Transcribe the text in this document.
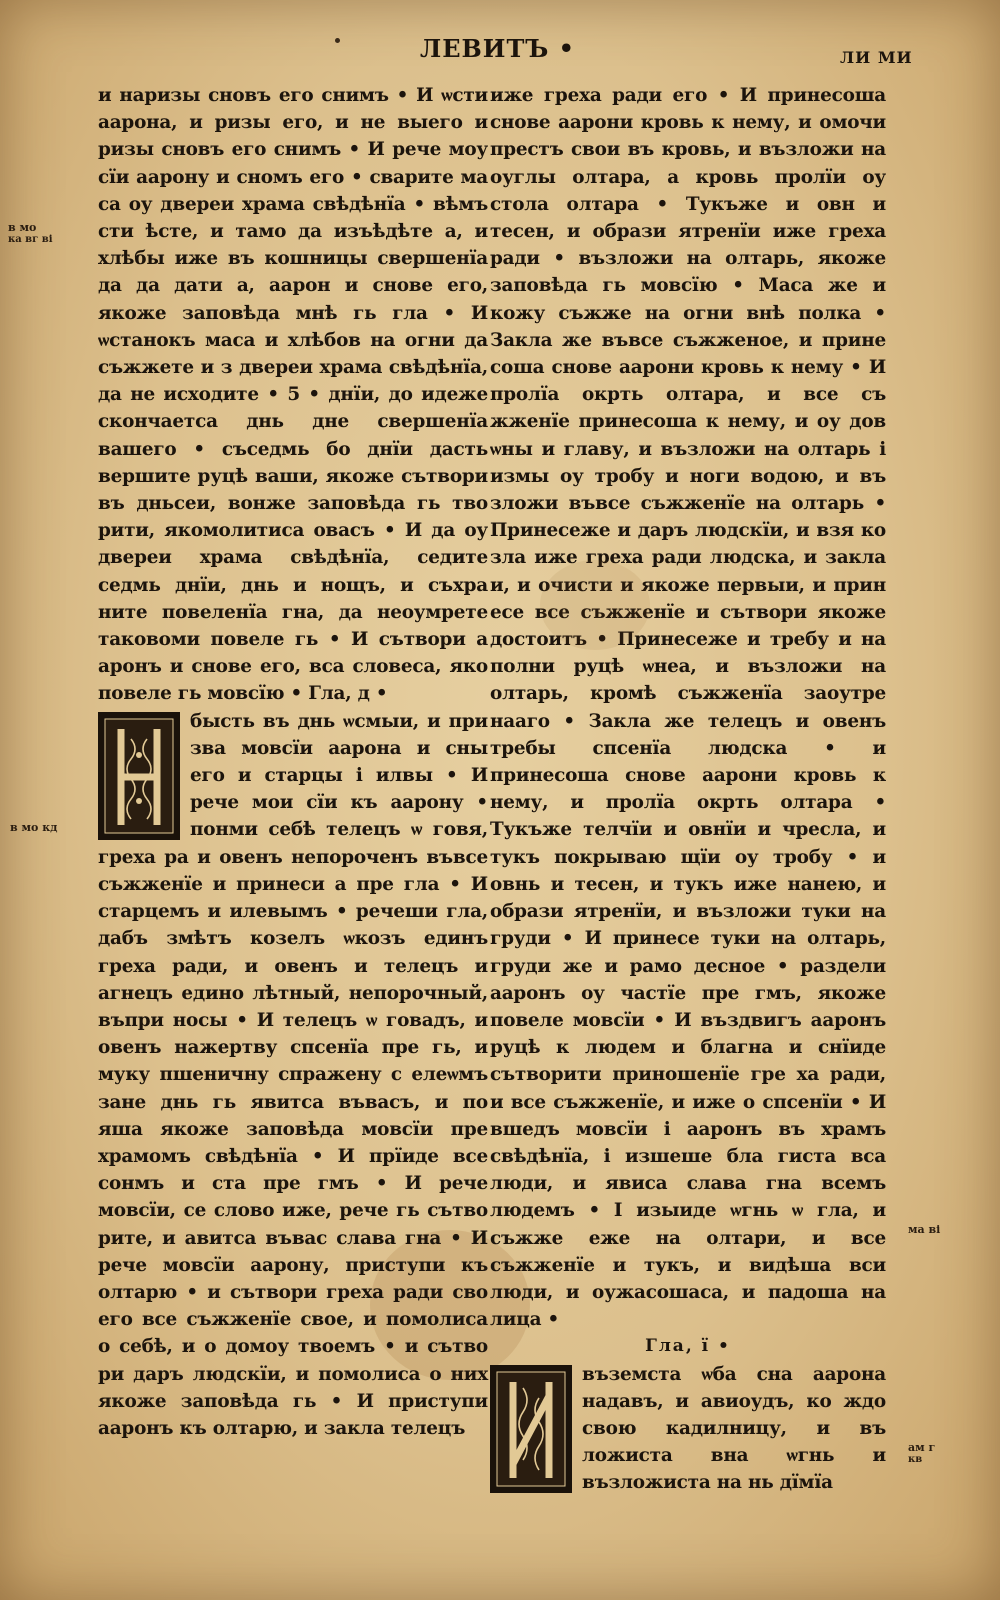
ЛЕВИТЪ •	ЛИ МИ
в мо
ка вг ві
в мо кд
ма ві
ам г
кв

и наризы сновъ его снимъ • И ѡсти аарона, и ризы его, и не выего и ризы сновъ его снимъ • И рече моу сїи аарону и сномъ его • сварите ма са оу двереи храма свѣдѣнїа • вѣмъ сти ѣсте, и тамо да изъѣдѣте а, и хлѣбы иже въ кошницы свершенїа да да дати а, аарон и снове его, якоже заповѣда мнѣ гь гла • И ѡстанокъ маса и хлѣбов на огни да съжжете и з двереи храма свѣдѣнїа, да не исходите • 5 • днїи, до идеже скончаетса днь дне свершенїа вашего • съседмь бо днїи дасть вершите руцѣ ваши, якоже сътвори въ дньсеи, вонже заповѣда гь тво рити, якомолитиса овасъ • И да оу двереи храма свѣдѣнїа, седите седмь днїи, днь и нощъ, и съхра ните повеленїа гна, да неоумрете таковоми повеле гь • И сътвори а аронъ и снове его, вса словеса, яко повеле гь мовсїю • Гла, д •

бысть въ днь ѡсмыи, и при зва мовсїи аарона и сны его и старцы і илвы • И рече мои сїи къ аарону • понми себѣ телецъ ѡ говя, греха ра и овенъ непороченъ въвсе съжженїе и принеси а пре гла • И старцемъ и илевымъ • речеши гла, дабъ змѣтъ козелъ ѡкозъ единъ греха ради, и овенъ и телецъ и агнецъ едино лѣтный, непорочный, въпри носы • И телецъ ѡ говадъ, и овенъ нажертву спсенїа пре гь, и муку пшеничну спражену с елеѡмъ зане днь гь явитса въвасъ, и по яша якоже заповѣда мовсїи пре храмомъ свѣдѣнїа • И прїиде все сонмъ и ста пре гмъ • И рече мовсїи, се слово иже, рече гь сътво рите, и авитса въвас слава гна • И рече мовсїи аарону, приступи къ олтарю • и сътвори греха ради сво его все съжженїе свое, и помолиса о себѣ, и о домоу твоемъ • и сътво ри даръ людскїи, и помолиса о них якоже заповѣда гь • И приступи ааронъ къ олтарю, и заклa телецъ

иже греха ради его • И принесоша снове аарони кровь к нему, и омочи престъ свои въ кровь, и възложи на оуглы олтара, а кровь пролїи оу стола олтара • Тукъже и овн и тесен, и образи ятренїи иже греха ради • възложи на олтарь, якоже заповѣда гь мовсїю • Маса же и кожу съжже на огни внѣ полка • Закла же въвсе съжженое, и прине соша снове аарони кровь к нему • И пролїа окрть олтара, и все съ жженїе принесоша к нему, и оу дов ѡны и главу, и възложи на олтарь і измы оу тробу и ноги водою, и въ зложи въвсе съжженїе на олтарь • Принесеже и даръ людскїи, и взя ко зла иже греха ради людска, и закла и, и очисти и якоже первыи, и прин есе все съжженїе и сътвори якоже достоитъ • Принесеже и требу и на полни руцѣ ѡнеа, и възложи на олтарь, кромѣ съжженїа заоутре нааго • Закла же телецъ и овенъ требы спсенїа людска • и принесоша снове аарони кровь к нему, и пролїа окрть олтара • Тукъже телчїи и овнїи и чресла, и тукъ покрываю щїи оу тробу • и овнь и тесен, и тукъ иже нанею, и образи ятренїи, и възложи туки на груди • И принесе туки на олтарь, груди же и рамо десное • раздели ааронъ оу частїе пре гмъ, якоже повеле мовсїи • И въздвигъ ааронъ руцѣ к людем и благна и снїиде сътворити приношенїе гре ха ради, и все съжженїе, и иже о спсенїи • И вшедъ мовсїи і ааронъ въ храмъ свѣдѣнїа, і изшеше бла гиста вса люди, и явиса слава гна всемъ людемъ • І изыиде ѡгнь ѡ гла, и съжже еже на олтари, и все съжженїе и тукъ, и видѣша вси люди, и оужасошаса, и падоша на лица •

Гла, ї •

въземста ѡба сна аарона надавъ, и авиоудъ, ко ждо свою кадилницу, и въ ложиста вна ѡгнь и възложиста на нь дїмїа
